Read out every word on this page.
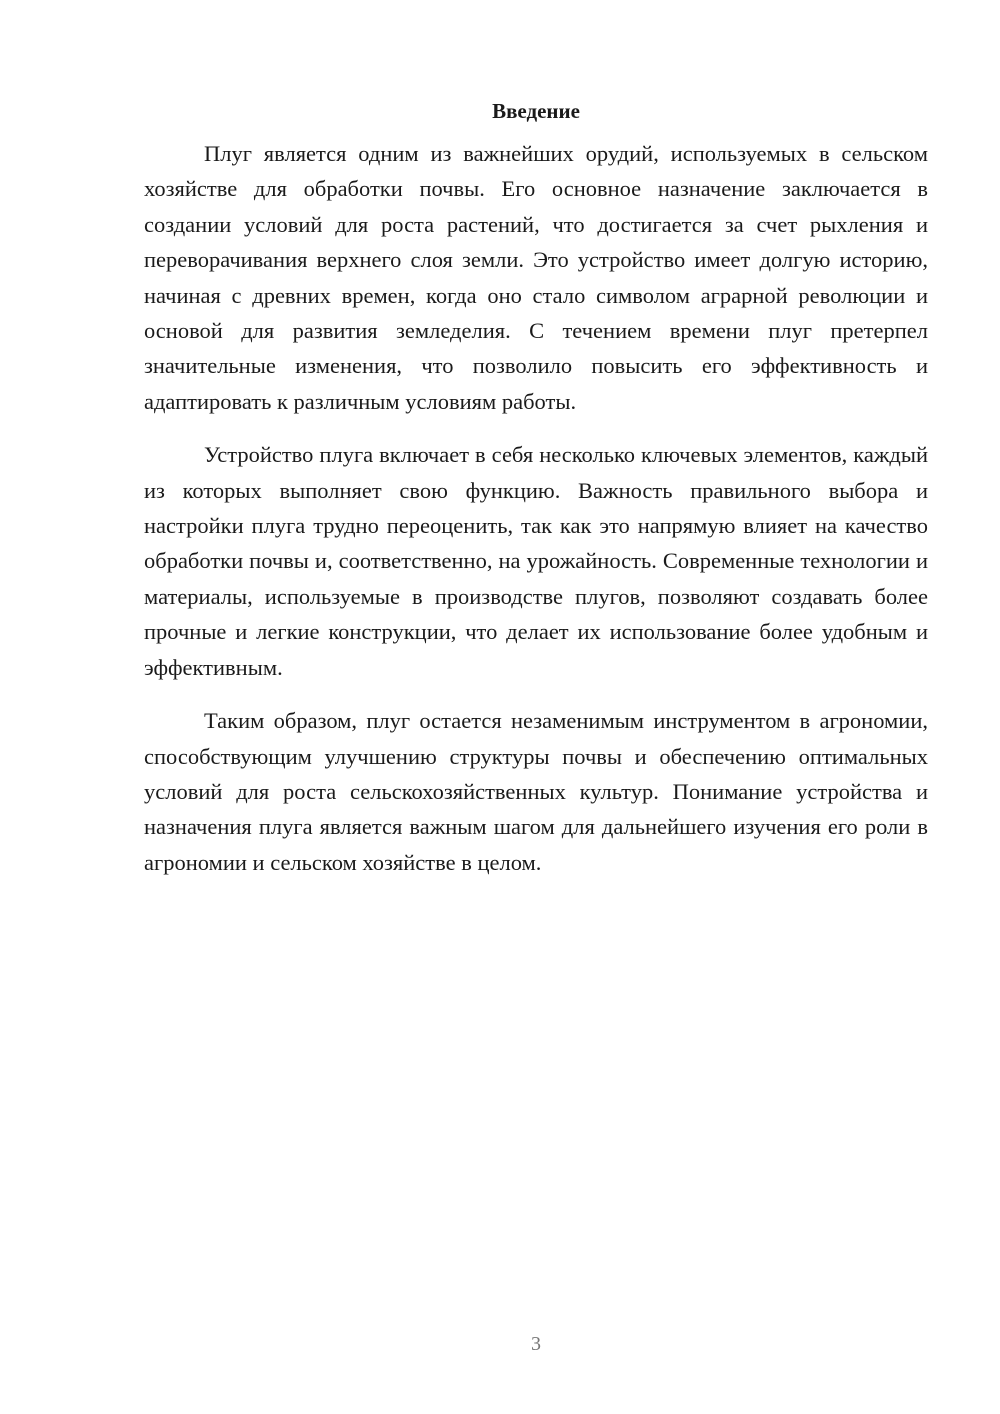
Введение

Плуг является одним из важнейших орудий, используемых в сельском хозяйстве для обработки почвы. Его основное назначение заключается в создании условий для роста растений, что достигается за счет рыхления и переворачивания верхнего слоя земли. Это устройство имеет долгую историю, начиная с древних времен, когда оно стало символом аграрной революции и основой для развития земледелия. С течением времени плуг претерпел значительные изменения, что позволило повысить его эффективность и адаптировать к различным условиям работы.

Устройство плуга включает в себя несколько ключевых элементов, каждый из которых выполняет свою функцию. Важность правильного выбора и настройки плуга трудно переоценить, так как это напрямую влияет на качество обработки почвы и, соответственно, на урожайность. Современные технологии и материалы, используемые в производстве плугов, позволяют создавать более прочные и легкие конструкции, что делает их использование более удобным и эффективным.

Таким образом, плуг остается незаменимым инструментом в агрономии, способствующим улучшению структуры почвы и обеспечению оптимальных условий для роста сельскохозяйственных культур. Понимание устройства и назначения плуга является важным шагом для дальнейшего изучения его роли в агрономии и сельском хозяйстве в целом.

3
